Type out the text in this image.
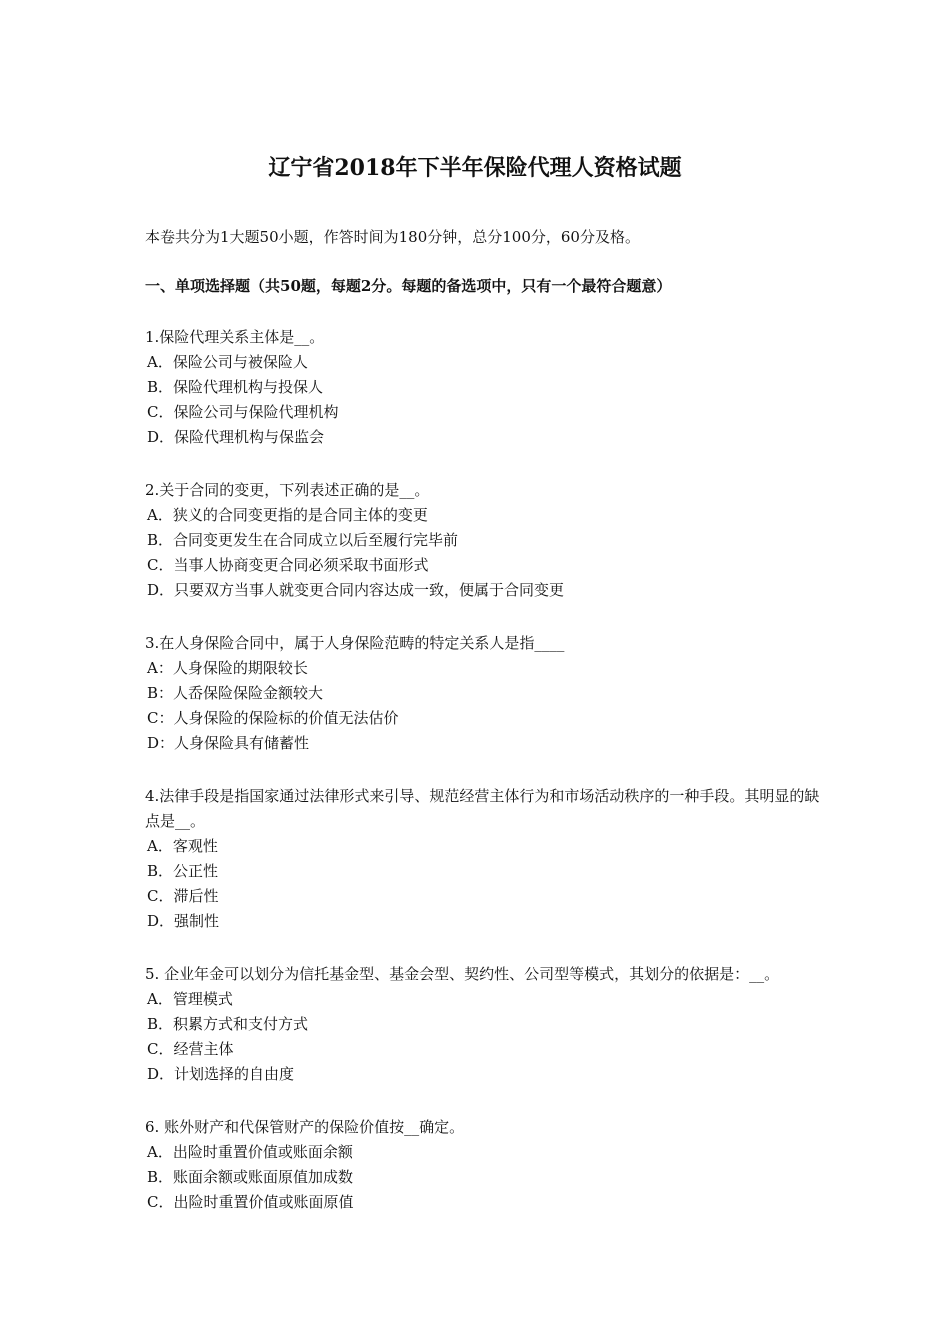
辽宁省2018年下半年保险代理人资格试题

本卷共分为1大题50小题，作答时间为180分钟，总分100分，60分及格。

一、单项选择题（共50题，每题2分。每题的备选项中，只有一个最符合题意）

1.保险代理关系主体是__。

A．保险公司与被保险人
B．保险代理机构与投保人
C．保险公司与保险代理机构
D．保险代理机构与保监会

2.关于合同的变更，下列表述正确的是__。

A．狭义的合同变更指的是合同主体的变更
B．合同变更发生在合同成立以后至履行完毕前
C．当事人协商变更合同必须采取书面形式
D．只要双方当事人就变更合同内容达成一致，便属于合同变更

3.在人身保险合同中，属于人身保险范畴的特定关系人是指____

A：人身保险的期限较长
B：人岙保险保险金额较大
C：人身保险的保险标的价值无法估价
D：人身保险具有储蓄性

4.法律手段是指国家通过法律形式来引导、规范经营主体行为和市场活动秩序的一种手段。其明显的缺点是__。

A．客观性
B．公正性
C．滞后性
D．强制性

5. 企业年金可以划分为信托基金型、基金会型、契约性、公司型等模式，其划分的依据是：__。

A．管理模式
B．积累方式和支付方式
C．经营主体
D．计划选择的自由度

6. 账外财产和代保管财产的保险价值按__确定。

A．出险时重置价值或账面余额
B．账面余额或账面原值加成数
C．出险时重置价值或账面原值
